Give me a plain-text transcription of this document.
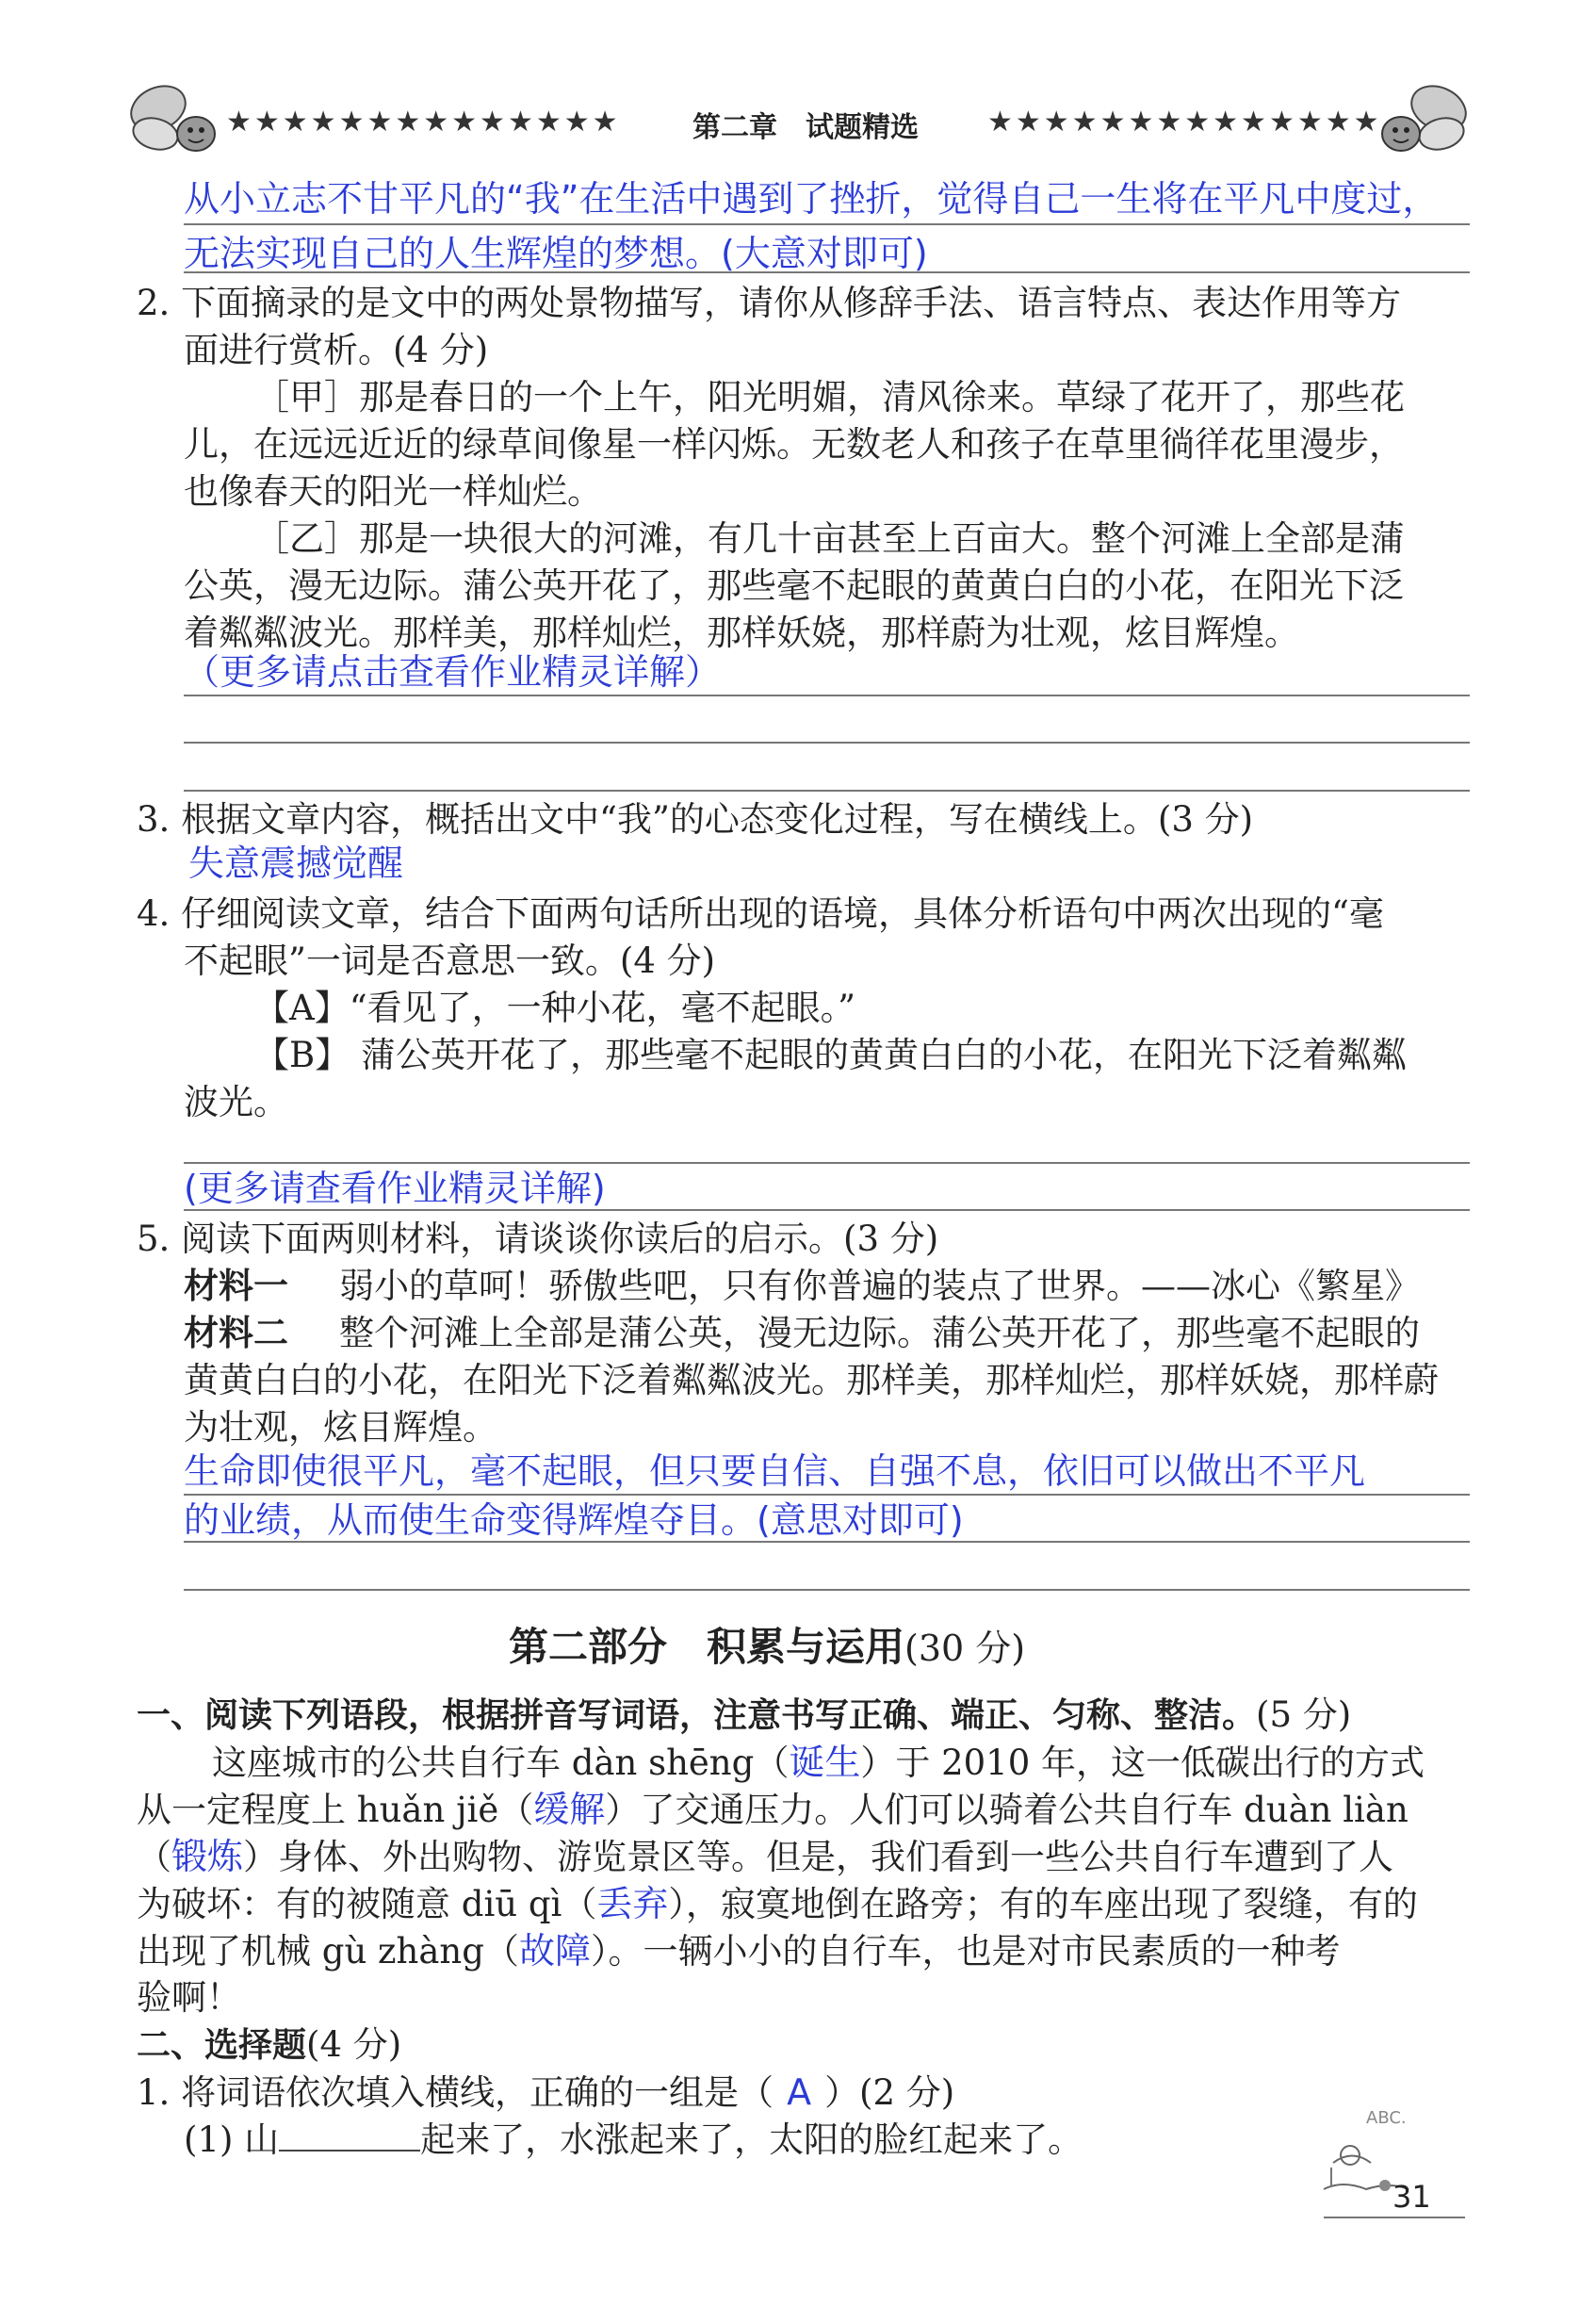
★★★★★★★★★★★★★★	第二章　试题精选 ★★★★★★★★★★★★★★
从小立志不甘平凡的“我”在生活中遇到了挫折，觉得自己一生将在平凡中度过，
无法实现自己的人生辉煌的梦想。(大意对即可)
2. 下面摘录的是文中的两处景物描写，请你从修辞手法、语言特点、表达作用等方
面进行赏析。(4 分)
［甲］那是春日的一个上午，阳光明媚，清风徐来。草绿了花开了，那些花
儿，在远远近近的绿草间像星一样闪烁。无数老人和孩子在草里徜徉花里漫步，
也像春天的阳光一样灿烂。
［乙］那是一块很大的河滩，有几十亩甚至上百亩大。整个河滩上全部是蒲
公英，漫无边际。蒲公英开花了，那些毫不起眼的黄黄白白的小花，在阳光下泛
着粼粼波光。那样美，那样灿烂，那样妖娆，那样蔚为壮观，炫目辉煌。
（更多请点击查看作业精灵详解）
3. 根据文章内容，概括出文中“我”的心态变化过程，写在横线上。(3 分)
失意震撼觉醒
4. 仔细阅读文章，结合下面两句话所出现的语境，具体分析语句中两次出现的“毫
不起眼”一词是否意思一致。(4 分)
【A】“看见了，一种小花，毫不起眼。”
【B】 蒲公英开花了，那些毫不起眼的黄黄白白的小花，在阳光下泛着粼粼
波光。
(更多请查看作业精灵详解)
5. 阅读下面两则材料，请谈谈你读后的启示。(3 分)
材料一 弱小的草呵！骄傲些吧，只有你普遍的装点了世界。——冰心《繁星》
材料二 整个河滩上全部是蒲公英，漫无边际。蒲公英开花了，那些毫不起眼的
黄黄白白的小花，在阳光下泛着粼粼波光。那样美，那样灿烂，那样妖娆，那样蔚
为壮观，炫目辉煌。
生命即使很平凡，毫不起眼，但只要自信、自强不息，依旧可以做出不平凡
的业绩，从而使生命变得辉煌夺目。(意思对即可)
第二部分　积累与运用(30 分)
一、阅读下列语段，根据拼音写词语，注意书写正确、端正、匀称、整洁。(5 分)
这座城市的公共自行车 dàn shēng（诞生）于 2010 年，这一低碳出行的方式
从一定程度上 huǎn jiě（缓解）了交通压力。人们可以骑着公共自行车 duàn liàn
（锻炼）身体、外出购物、游览景区等。但是，我们看到一些公共自行车遭到了人
为破坏：有的被随意 diū qì（丢弃），寂寞地倒在路旁；有的车座出现了裂缝，有的
出现了机械 gù zhàng（故障）。一辆小小的自行车，也是对市民素质的一种考
验啊！
二、选择题(4 分)
1. 将词语依次填入横线，正确的一组是（ A ）(2 分)
(1) 山	起来了，水涨起来了，太阳的脸红起来了。
ABC.
31
